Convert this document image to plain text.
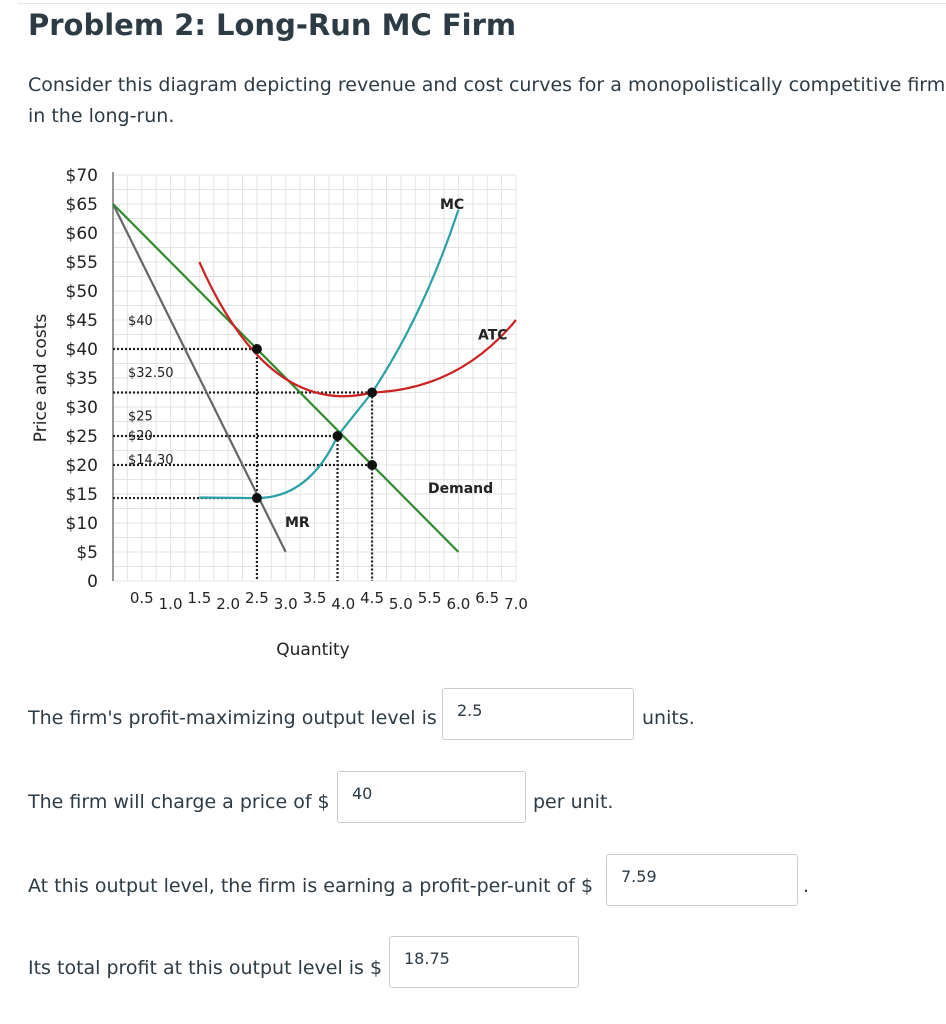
Problem 2: Long-Run MC Firm
Consider this diagram depicting revenue and cost curves for a monopolistically competitive firm in the long-run.
$70
$65
$60
$55
$50
$45
$40
$35
$30
$25
$20
$15
$10
$5
0
0.5 1.5 2.5 3.5 4.5 5.5 6.5
1.0 2.0 3.0 4.0 5.0 6.0 7.0
Price and costs
Quantity
$40
$32.50
$25
$20
$14.30
MC
ATC
Demand
MR
The firm's profit-maximizing output level is	2.5	units.
The firm will charge a price of $	40	per unit.
At this output level, the firm is earning a profit-per-unit of $	7.59	.
Its total profit at this output level is $	18.75
